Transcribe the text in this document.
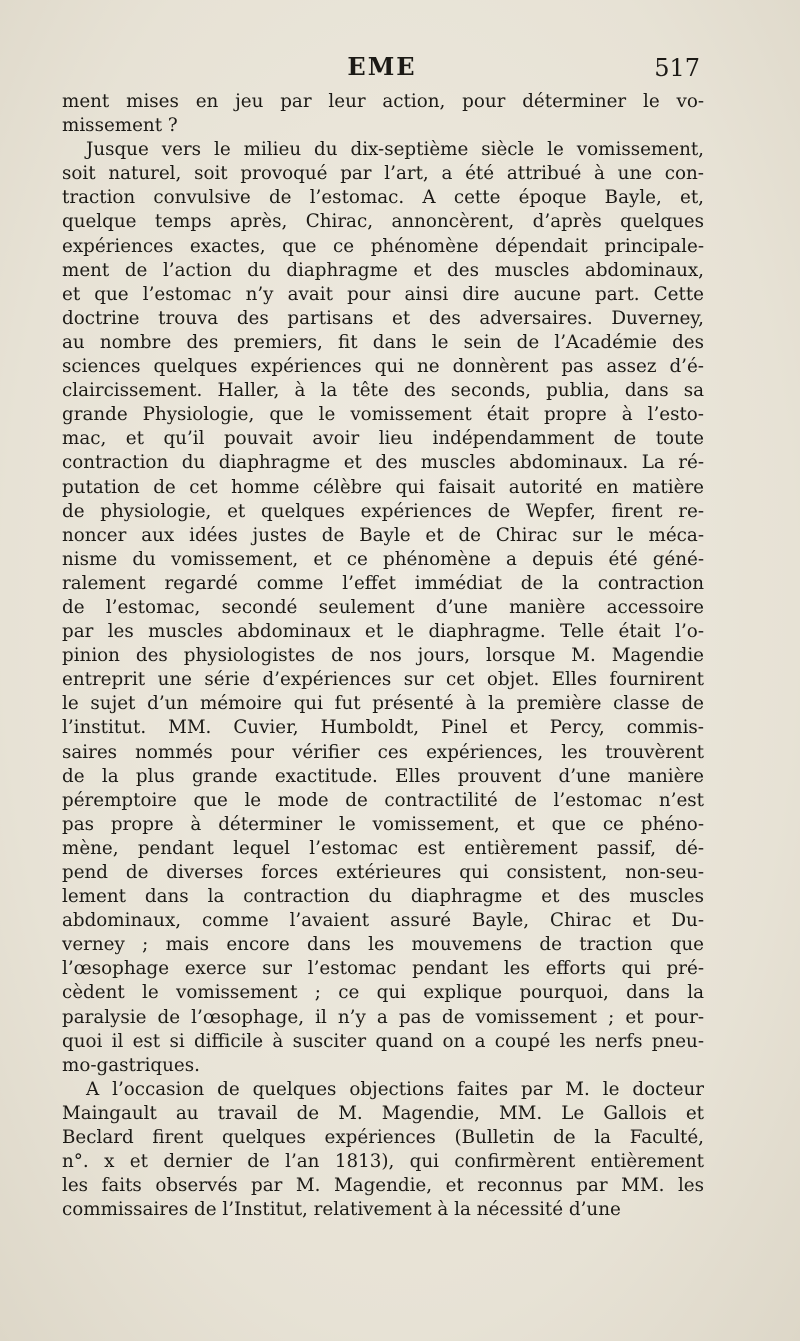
EME	517
ment mises en jeu par leur action, pour déterminer le vo-
missement ?
Jusque vers le milieu du dix-septième siècle le vomissement,
soit naturel, soit provoqué par l’art, a été attribué à une con-
traction convulsive de l’estomac. A cette époque Bayle, et,
quelque temps après, Chirac, annoncèrent, d’après quelques
expériences exactes, que ce phénomène dépendait principale-
ment de l’action du diaphragme et des muscles abdominaux,
et que l’estomac n’y avait pour ainsi dire aucune part. Cette
doctrine trouva des partisans et des adversaires. Duverney,
au nombre des premiers, fit dans le sein de l’Académie des
sciences quelques expériences qui ne donnèrent pas assez d’é-
claircissement. Haller, à la tête des seconds, publia, dans sa
grande Physiologie, que le vomissement était propre à l’esto-
mac, et qu’il pouvait avoir lieu indépendamment de toute
contraction du diaphragme et des muscles abdominaux. La ré-
putation de cet homme célèbre qui faisait autorité en matière
de physiologie, et quelques expériences de Wepfer, firent re-
noncer aux idées justes de Bayle et de Chirac sur le méca-
nisme du vomissement, et ce phénomène a depuis été géné-
ralement regardé comme l’effet immédiat de la contraction
de l’estomac, secondé seulement d’une manière accessoire
par les muscles abdominaux et le diaphragme. Telle était l’o-
pinion des physiologistes de nos jours, lorsque M. Magendie
entreprit une série d’expériences sur cet objet. Elles fournirent
le sujet d’un mémoire qui fut présenté à la première classe de
l’institut. MM. Cuvier, Humboldt, Pinel et Percy, commis-
saires nommés pour vérifier ces expériences, les trouvèrent
de la plus grande exactitude. Elles prouvent d’une manière
péremptoire que le mode de contractilité de l’estomac n’est
pas propre à déterminer le vomissement, et que ce phéno-
mène, pendant lequel l’estomac est entièrement passif, dé-
pend de diverses forces extérieures qui consistent, non-seu-
lement dans la contraction du diaphragme et des muscles
abdominaux, comme l’avaient assuré Bayle, Chirac et Du-
verney ; mais encore dans les mouvemens de traction que
l’œsophage exerce sur l’estomac pendant les efforts qui pré-
cèdent le vomissement ; ce qui explique pourquoi, dans la
paralysie de l’œsophage, il n’y a pas de vomissement ; et pour-
quoi il est si difficile à susciter quand on a coupé les nerfs pneu-
mo-gastriques.
A l’occasion de quelques objections faites par M. le docteur
Maingault au travail de M. Magendie, MM. Le Gallois et
Beclard firent quelques expériences (Bulletin de la Faculté,
n°. x et dernier de l’an 1813), qui confirmèrent entièrement
les faits observés par M. Magendie, et reconnus par MM. les
commissaires de l’Institut, relativement à la nécessité d’une
